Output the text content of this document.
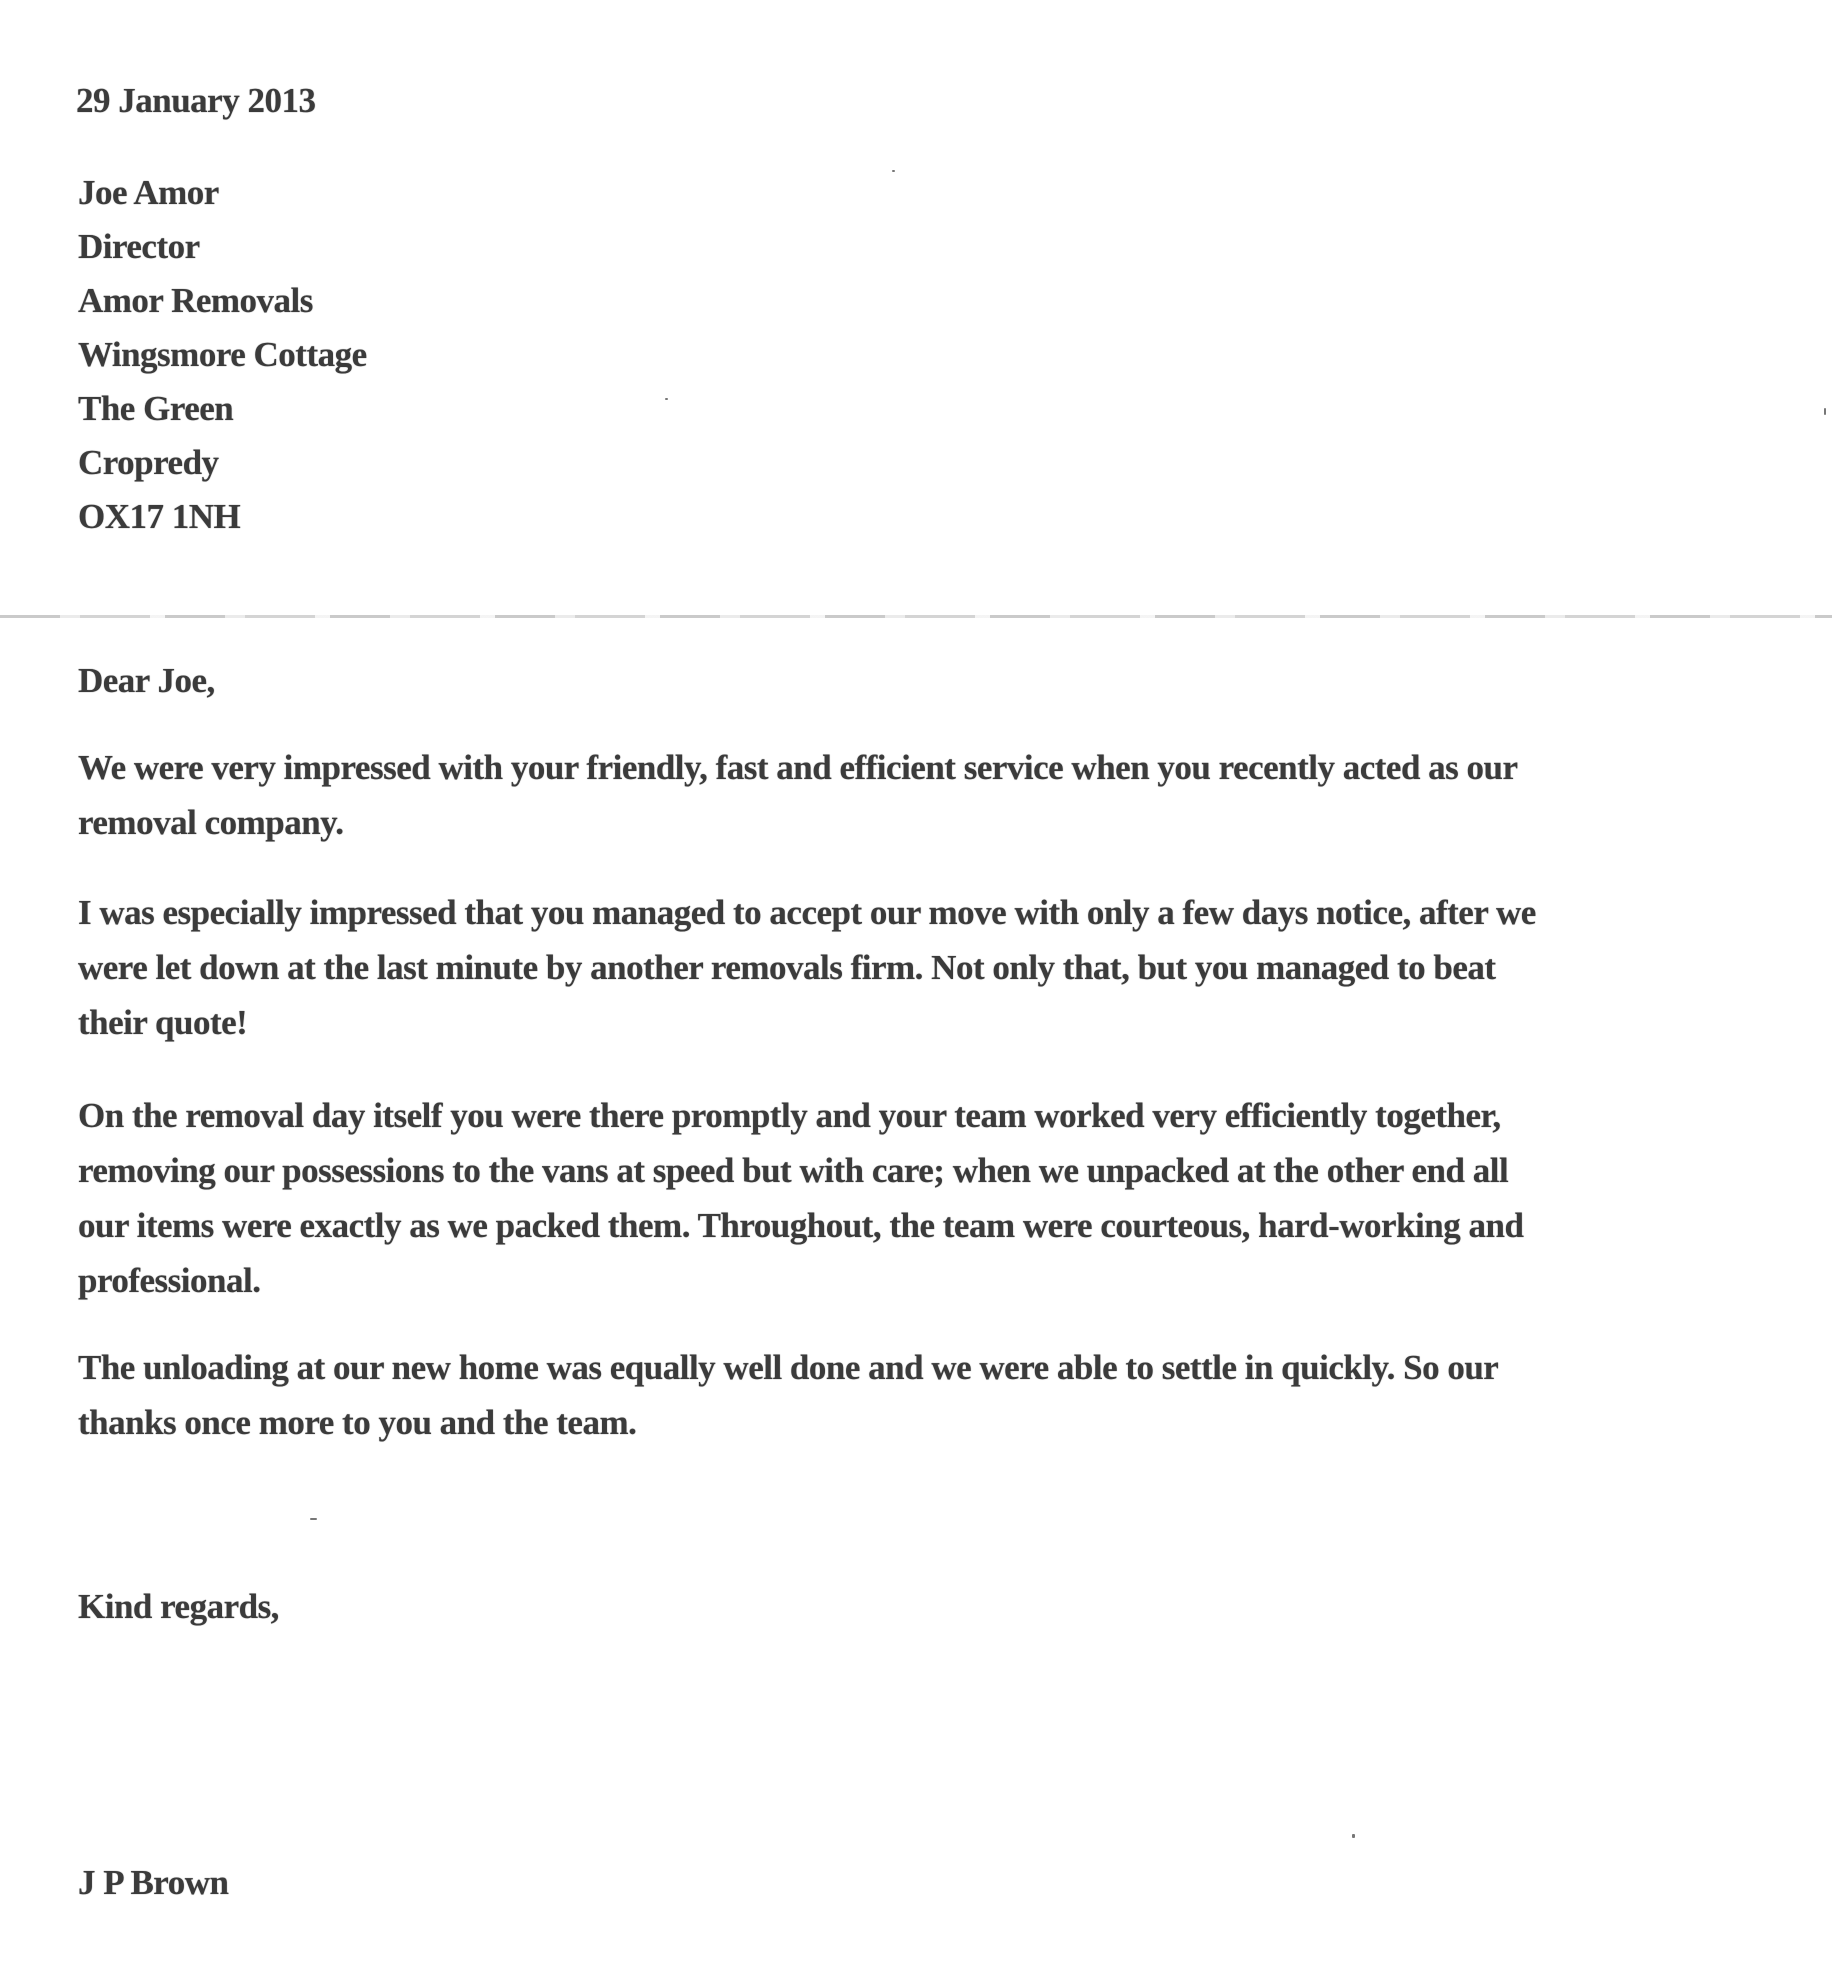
29 January 2013
Joe Amor
Director
Amor Removals
Wingsmore Cottage
The Green
Cropredy
OX17 1NH
Dear Joe,
We were very impressed with your friendly, fast and efficient service when you recently acted as our
removal company.
I was especially impressed that you managed to accept our move with only a few days notice, after we
were let down at the last minute by another removals firm. Not only that, but you managed to beat
their quote!
On the removal day itself you were there promptly and your team worked very efficiently together,
removing our possessions to the vans at speed but with care; when we unpacked at the other end all
our items were exactly as we packed them. Throughout, the team were courteous, hard-working and
professional.
The unloading at our new home was equally well done and we were able to settle in quickly. So our
thanks once more to you and the team.
Kind regards,
J P Brown
